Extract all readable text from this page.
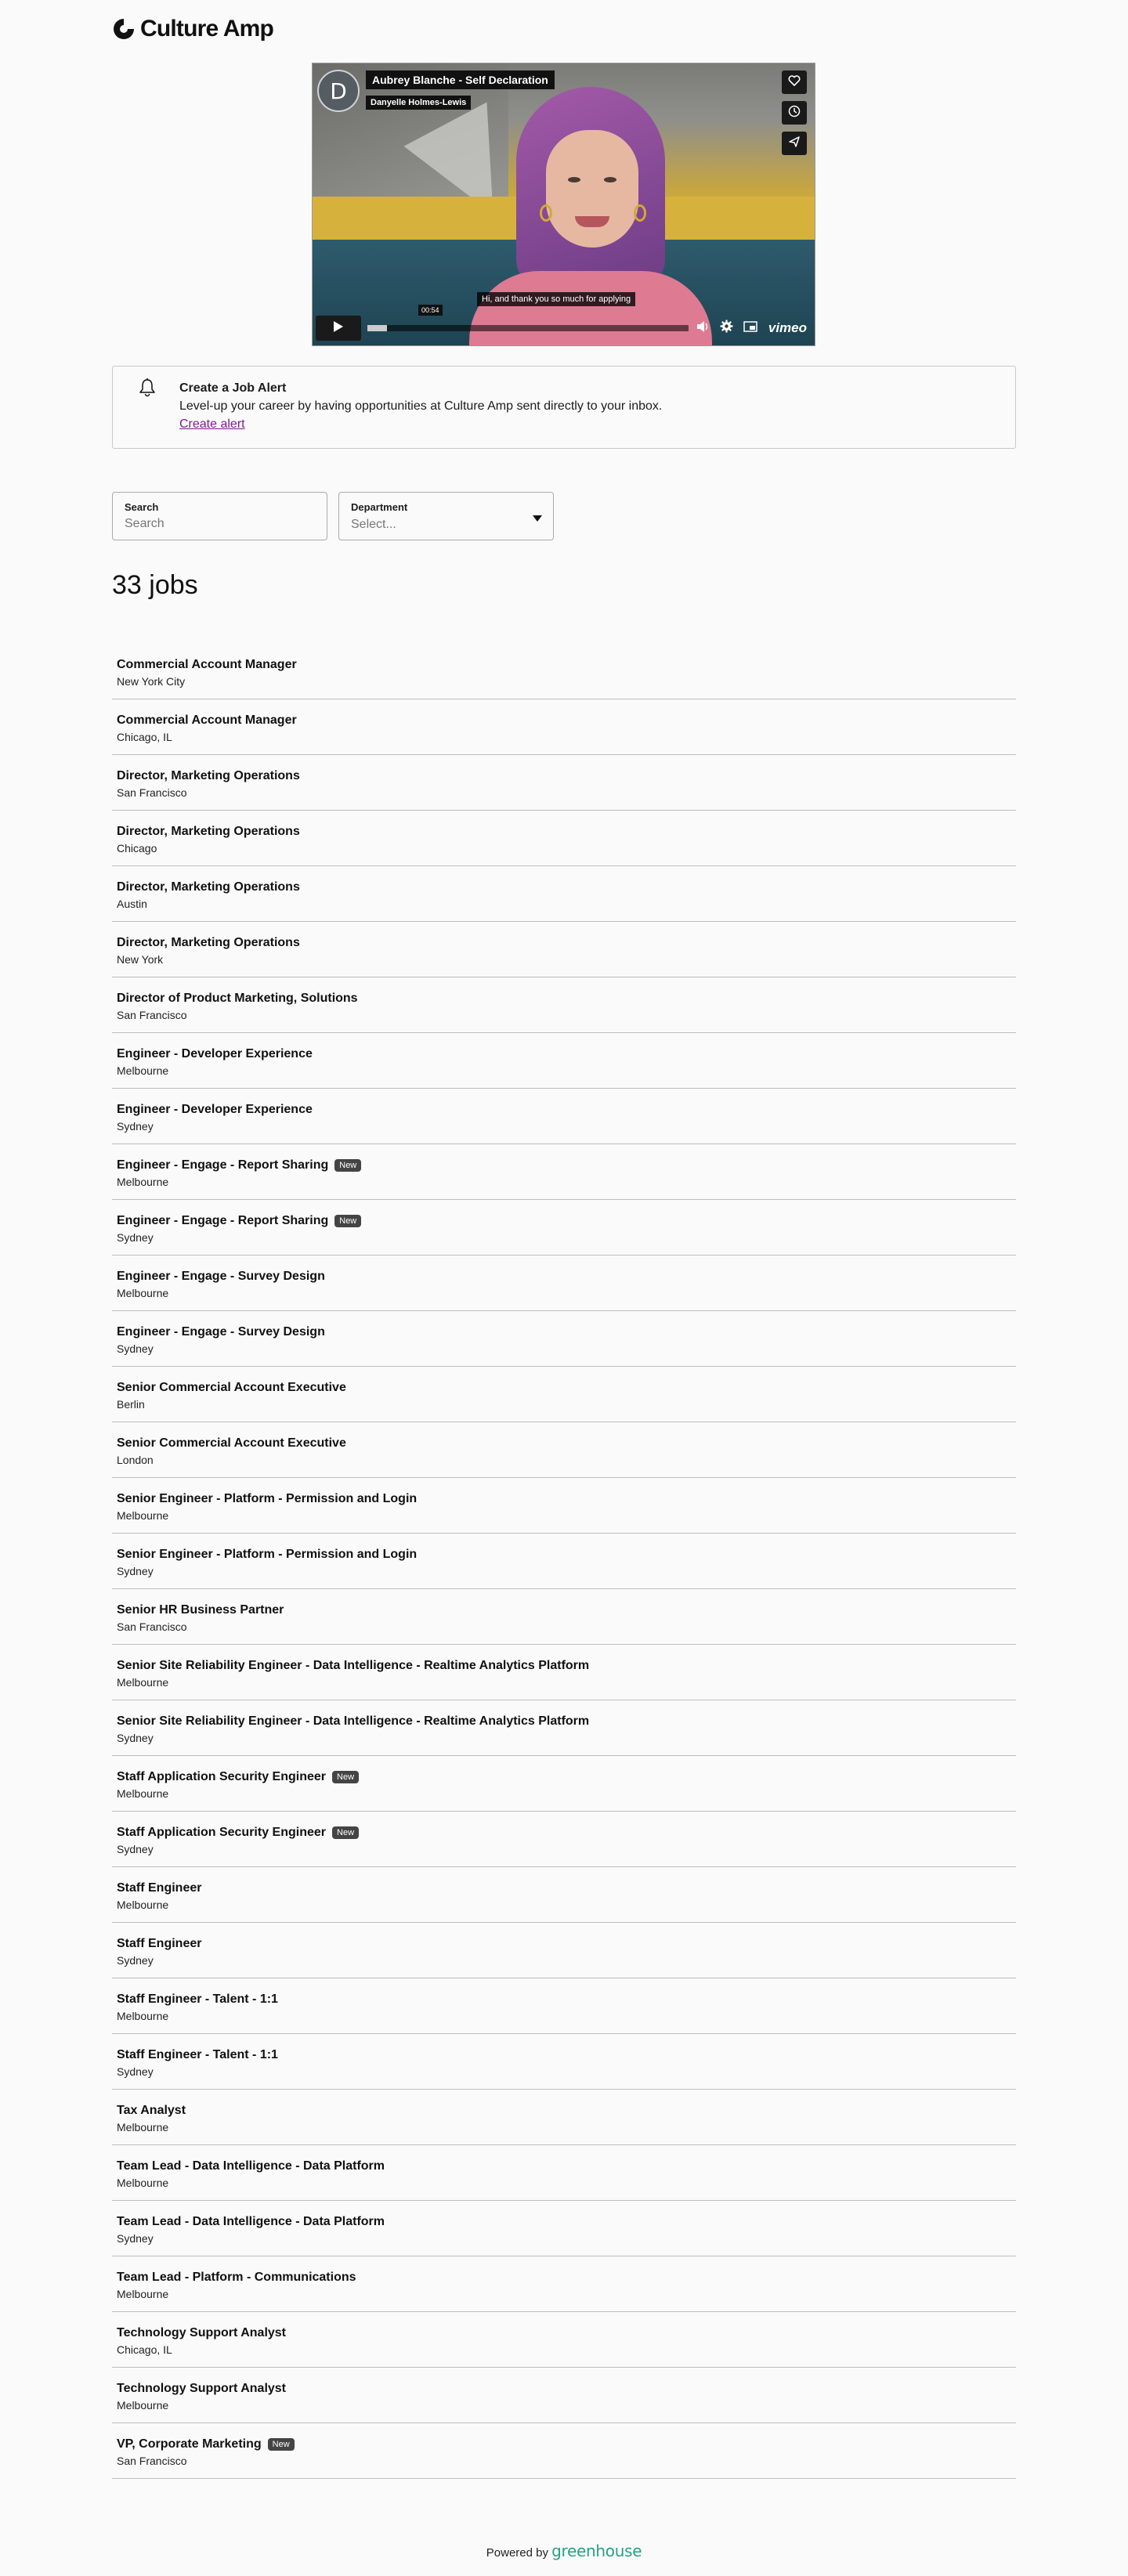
Culture Amp
D	Aubrey Blanche - Self Declaration
Danyelle Holmes-Lewis
Hi, and thank you so much for applying
00:54
vimeo
Create a Job Alert
Level-up your career by having opportunities at Culture Amp sent directly to your inbox.
Create alert
Search
Search	Department
Select...
33 jobs
Commercial Account Manager
New York City
Commercial Account Manager
Chicago, IL
Director, Marketing Operations
San Francisco
Director, Marketing Operations
Chicago
Director, Marketing Operations
Austin
Director, Marketing Operations
New York
Director of Product Marketing, Solutions
San Francisco
Engineer - Developer Experience
Melbourne
Engineer - Developer Experience
Sydney
Engineer - Engage - Report Sharing	New
Melbourne
Engineer - Engage - Report Sharing	New
Sydney
Engineer - Engage - Survey Design
Melbourne
Engineer - Engage - Survey Design
Sydney
Senior Commercial Account Executive
Berlin
Senior Commercial Account Executive
London
Senior Engineer - Platform - Permission and Login
Melbourne
Senior Engineer - Platform - Permission and Login
Sydney
Senior HR Business Partner
San Francisco
Senior Site Reliability Engineer - Data Intelligence - Realtime Analytics Platform
Melbourne
Senior Site Reliability Engineer - Data Intelligence - Realtime Analytics Platform
Sydney
Staff Application Security Engineer	New
Melbourne
Staff Application Security Engineer	New
Sydney
Staff Engineer
Melbourne
Staff Engineer
Sydney
Staff Engineer - Talent - 1:1
Melbourne
Staff Engineer - Talent - 1:1
Sydney
Tax Analyst
Melbourne
Team Lead - Data Intelligence - Data Platform
Melbourne
Team Lead - Data Intelligence - Data Platform
Sydney
Team Lead - Platform - Communications
Melbourne
Technology Support Analyst
Chicago, IL
Technology Support Analyst
Melbourne
VP, Corporate Marketing	New
San Francisco
Powered by greenhouse
